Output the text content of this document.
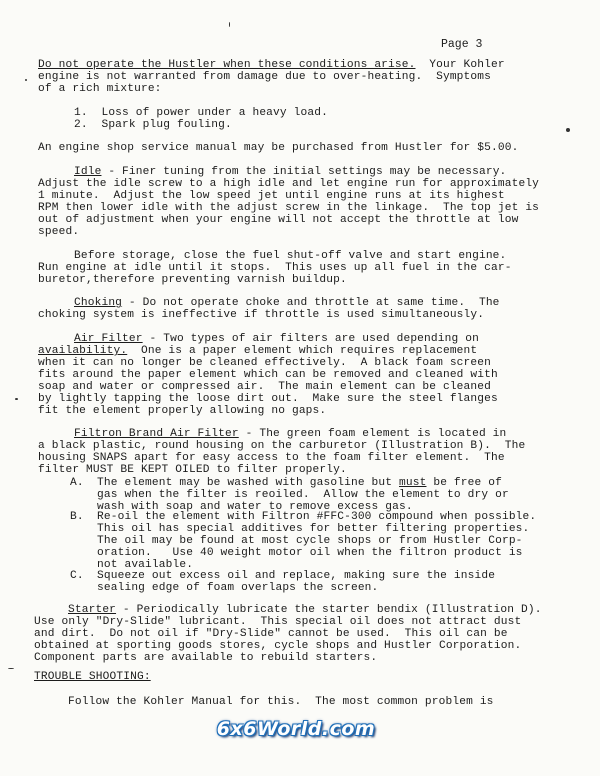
Page 3
Do not operate the Hustler when these conditions arise.  Your Kohler
engine is not warranted from damage due to over-heating.  Symptoms
of a rich mixture:
1.  Loss of power under a heavy load.
2.  Spark plug fouling.
An engine shop service manual may be purchased from Hustler for $5.00.
Idle - Finer tuning from the initial settings may be necessary.
Adjust the idle screw to a high idle and let engine run for approximately
1 minute.  Adjust the low speed jet until engine runs at its highest
RPM then lower idle with the adjust screw in the linkage.  The top jet is
out of adjustment when your engine will not accept the throttle at low
speed.
Before storage, close the fuel shut-off valve and start engine.
Run engine at idle until it stops.  This uses up all fuel in the car-
buretor,therefore preventing varnish buildup.
Choking - Do not operate choke and throttle at same time.  The
choking system is ineffective if throttle is used simultaneously.
Air Filter - Two types of air filters are used depending on
availability.  One is a paper element which requires replacement
when it can no longer be cleaned effectively.  A black foam screen
fits around the paper element which can be removed and cleaned with
soap and water or compressed air.  The main element can be cleaned
by lightly tapping the loose dirt out.  Make sure the steel flanges
fit the element properly allowing no gaps.
Filtron Brand Air Filter - The green foam element is located in
a black plastic, round housing on the carburetor (Illustration B).  The
housing SNAPS apart for easy access to the foam filter element.  The
filter MUST BE KEPT OILED to filter properly.
A. The element may be washed with gasoline but must be free of
gas when the filter is reoiled.  Allow the element to dry or
wash with soap and water to remove excess gas.
B. Re-oil the element with Filtron #FFC-300 compound when possible.
This oil has special additives for better filtering properties.
The oil may be found at most cycle shops or from Hustler Corp-
oration.   Use 40 weight motor oil when the filtron product is
not available.
C. Squeeze out excess oil and replace, making sure the inside
sealing edge of foam overlaps the screen.
Starter - Periodically lubricate the starter bendix (Illustration D).
Use only "Dry-Slide" lubricant.  This special oil does not attract dust
and dirt.  Do not oil if "Dry-Slide" cannot be used.  This oil can be
obtained at sporting goods stores, cycle shops and Hustler Corporation.
Component parts are available to rebuild starters.
TROUBLE SHOOTING:
Follow the Kohler Manual for this.  The most common problem is
6x6World.com
